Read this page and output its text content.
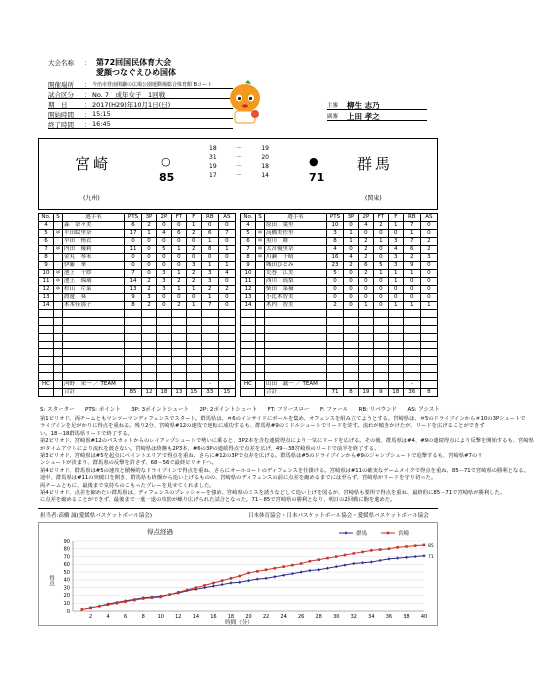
大会名称 ： 第72回国民体育大会
愛顔つなぐえひめ国体
開催場所 ： 今治市営南関鎌の広場公園運動場総合体育館 Bコート
試合区分 ： No. 7　成年女子　1回戦
期　日	： 2017(H29)年10月1日(日)
開始時間 ： 15:15
終了時間 ： 16:45
主審 柳生 志乃
副審 上田 孝之
宮崎
(九州)
○
85
18	－	19
31	－	20
19	－	18
17	－	14
●
71
群馬
(関東)
No.	S	選手名	PTS	3P	2P	FT	F	RB	AS
4		森　奈々美	6	2	0	0	1	0	0
5	＊	平田絵里奈	17	1	4	6	2	6	7
6		早田　侑衣	0	0	0	0	0	1	0
7	＊	内田　優莉	11	0	5	1	2	8	1
8		金丸　琴未	0	0	0	0	0	0	0
9		伊藤　華	0	0	0	0	3	1	1
10	＊	池上　千紗	7	0	3	1	2	3	4
11	＊	池上　瑠璃	14	2	3	2	2	3	0
12	＊	杉山　芹菜	13	2	3	1	1	2	2
13		渡邊　葵	9	3	0	0	0	1	0
14		木本佳那子	8	2	0	2	1	7	0

HC		河野　栄一 ／ TEAM						-	
		合計	85	12	18	13	15	33	15
No.	S	選手名	PTS	3P	2P	FT	F	RB	AS
4		原田　葉里	10	0	4	2	1	7	0
5	＊	高橋美佐里	3	1	0	0	0	1	0
6	＊	黒川　舞	8	1	2	1	3	7	2
7	＊	大宮優里奈	4	0	2	0	4	6	2
8	＊	川瀬　千晴	16	4	2	0	3	2	3
9		城田ひとみ	23	2	6	5	3	9	0
10		荒巻　江美	5	0	2	1	1	1	0
11		西川　瑶梨	0	0	0	0	1	0	0
12		柴田　菜摘	0	0	0	0	0	0	0
13		小比木智美	0	0	0	0	0	0	0
14		木内　智美	2	0	1	0	1	1	1

HC		山田　誠一 ／ TEAM						-	
		合計	71	8	19	9	18	36	8
S: スターター PTS: ポイント 3P: 3ポイントシュート 2P: 2ポイントシュート FT: フリースロー F: ファール RB: リバウンド AS: アシスト
第1ピリオド、両チームともマンツーマンディフェンスでスタート。群馬県は、＃6のインサイドにボールを集め、オフェンスを組み立てようとする。宮崎県は、＃5のドライブインから＃10の3Pシュートで
ライブインを足がかりに得点を重ねる。残り2分、宮崎県#12の速攻で逆転に成功するも、群馬県#9のミドルシュートでリードを許す。流れが傾きかけたが、リードを広げることができず
い。18－18群馬県リードで終了する。
第2ピリオド、宮崎県#12のパスカットからのレイアップシュートで勢いに乗ると、3P2本を含む連続得点により一気にリードを広げる。その後、群馬県は#4、#9の連続得点により反撃を開始するも、宮崎県
がタイムアウトにより流れを渡さない。宮崎県は終盤も2P3本、#6の3Pの連続得点で点差を広げ、49－38宮崎県のリードで前半を終了する。
第3ピリオド、宮崎県は#5を起点にペイントエリアで得点を重ね、さらに#12の3Pで点差を広げる。群馬県は#5のドライブインから#9のジャンプシュートで追撃するも、宮崎県#7のリ
ンシュートが決まり、群馬県の反撃を許さず、68－56で最終ピリオドへ。
第4ピリオド、群馬県は#5の速攻と積極的なドライブインで得点を重ね、さらにオールコートのディフェンスを仕掛ける。宮崎県は#11の確実なゲームメイクで得点を重ね、85－71で宮崎県の勝利となる。
途中、群馬県は#11の突破口を開き、群馬県も終盤から追い上げるものの、宮崎県のディフェンスの前に点差を縮めるまでには至らず、宮崎県がリードを守り切った。
両チームともに、最後まで気持ちのこもったプレーを見せてくれました。
第4ピリオド、点差を縮めたい群馬県は、ディフェンスのプレッシャーを強め、宮崎県のミスを誘うなどして追い上げを図るが、宮崎県も要所で得点を重ね、最終的に85－71で宮崎県が勝利した。
に点差を縮めることができず、最後まで一進一退の攻防が繰り広げられた試合となった。71－85で宮崎県の勝利となり、明日の2回戦に駒を進めた。
担当者:高橋 誠(愛媛県バスケットボール協会)	日本体育協会・日本バスケットボール協会・愛媛県バスケットボール協会
得点経過
0
10
20
30
40
50
60
70
80
90
2	4	6	8	10 12 14 16 18 20 22 24 26 28 30 32 34 36 38 40
得点
時間（分）
71
群馬
85
宮崎
